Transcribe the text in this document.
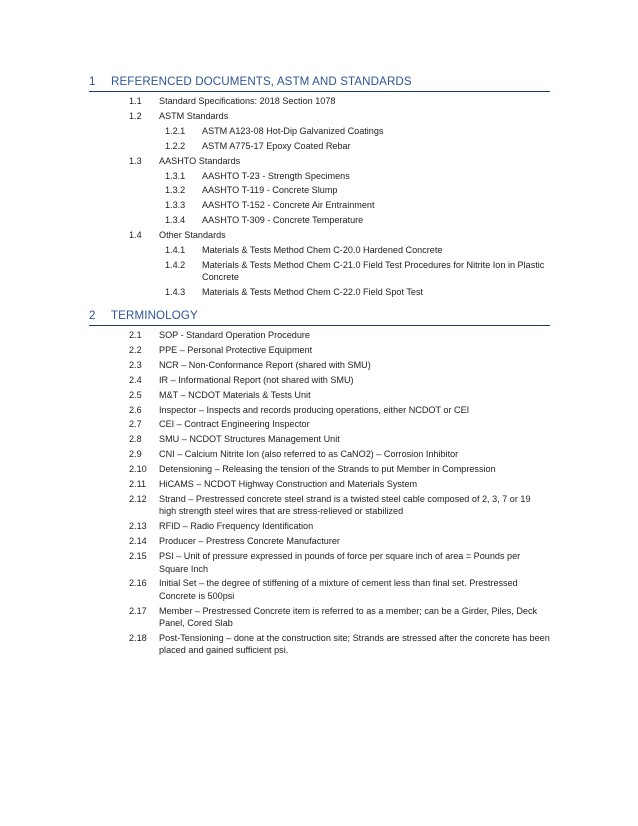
1	REFERENCED DOCUMENTS, ASTM AND STANDARDS
1.1	Standard Specifications: 2018 Section 1078
1.2	ASTM Standards
1.2.1	ASTM A123-08 Hot-Dip Galvanized Coatings
1.2.2	ASTM A775-17 Epoxy Coated Rebar
1.3	AASHTO Standards
1.3.1	AASHTO T-23 - Strength Specimens
1.3.2	AASHTO T-119 - Concrete Slump
1.3.3	AASHTO T-152 - Concrete Air Entrainment
1.3.4	AASHTO T-309 - Concrete Temperature
1.4	Other Standards
1.4.1	Materials & Tests Method Chem C-20.0 Hardened Concrete
1.4.2	Materials & Tests Method Chem C-21.0 Field Test Procedures for Nitrite Ion in Plastic Concrete
1.4.3	Materials & Tests Method Chem C-22.0 Field Spot Test
2	TERMINOLOGY
2.1	SOP - Standard Operation Procedure
2.2	PPE – Personal Protective Equipment
2.3	NCR – Non-Conformance Report (shared with SMU)
2.4	IR – Informational Report (not shared with SMU)
2.5	M&T – NCDOT Materials & Tests Unit
2.6	Inspector – Inspects and records producing operations, either NCDOT or CEI
2.7	CEI – Contract Engineering Inspector
2.8	SMU – NCDOT Structures Management Unit
2.9	CNI – Calcium Nitrite Ion (also referred to as CaNO2) – Corrosion Inhibitor
2.10	Detensioning – Releasing the tension of the Strands to put Member in Compression
2.11	HiCAMS – NCDOT Highway Construction and Materials System
2.12	Strand – Prestressed concrete steel strand is a twisted steel cable composed of 2, 3, 7 or 19 high strength steel wires that are stress-relieved or stabilized
2.13	RFID – Radio Frequency Identification
2.14	Producer – Prestress Concrete Manufacturer
2.15	PSI – Unit of pressure expressed in pounds of force per square inch of area = Pounds per Square Inch
2.16	Initial Set – the degree of stiffening of a mixture of cement less than final set. Prestressed Concrete is 500psi
2.17	Member – Prestressed Concrete item is referred to as a member; can be a Girder, Piles, Deck Panel, Cored Slab
2.18	Post-Tensioning – done at the construction site; Strands are stressed after the concrete has been placed and gained sufficient psi.
